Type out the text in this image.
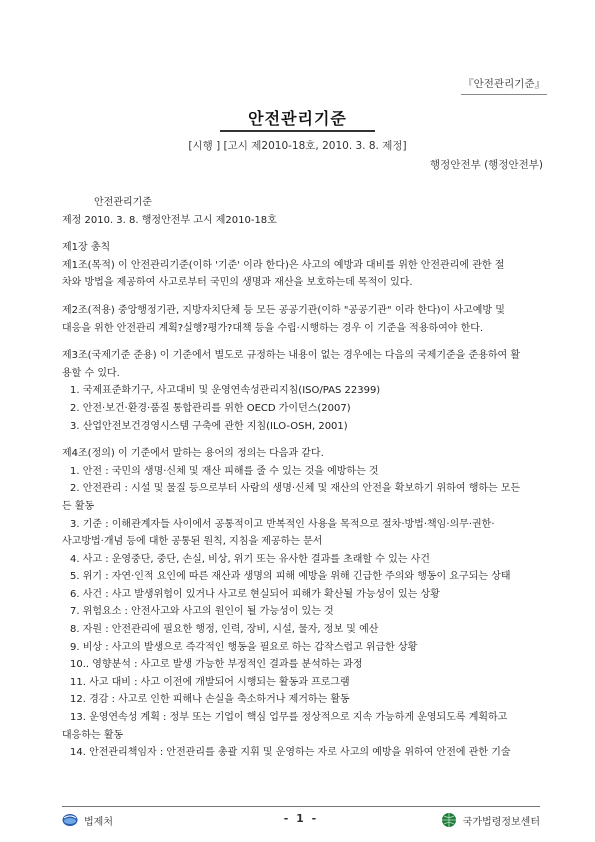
『안전관리기준』
안전관리기준
[시행 ] [고시 제2010-18호, 2010. 3. 8. 제정]
행정안전부 (행정안전부)

안전관리기준

제정 2010. 3. 8. 행정안전부 고시 제2010-18호

제1장 총칙

제1조(목적) 이 안전관리기준(이하 '기준' 이라 한다)은 사고의 예방과 대비를 위한 안전관리에 관한 절

차와 방법을 제공하여 사고로부터 국민의 생명과 재산을 보호하는데 목적이 있다.

제2조(적용) 중앙행정기관, 지방자치단체 등 모든 공공기관(이하 "공공기관" 이라 한다)이 사고예방 및

대응을 위한 안전관리 계획?실행?평가?대책 등을 수립·시행하는 경우 이 기준을 적용하여야 한다.

제3조(국제기준 준용) 이 기준에서 별도로 규정하는 내용이 없는 경우에는 다음의 국제기준을 준용하여 활

용할 수 있다.

1. 국제표준화기구, 사고대비 및 운영연속성관리지침(ISO/PAS 22399)

2. 안전·보건·환경·품질 통합관리를 위한 OECD 가이던스(2007)

3. 산업안전보건경영시스템 구축에 관한 지침(ILO-OSH, 2001)

제4조(정의) 이 기준에서 말하는 용어의 정의는 다음과 같다.

1. 안전 : 국민의 생명·신체 및 재산 피해를 줄 수 있는 것을 예방하는 것

2. 안전관리 : 시설 및 물질 등으로부터 사람의 생명·신체 및 재산의 안전을 확보하기 위하여 행하는 모든

든 활동

3. 기준 : 이해관계자들 사이에서 공통적이고 반복적인 사용을 목적으로 절차·방법·책임·의무·권한·

사고방법·개념 등에 대한 공통된 원칙, 지침을 제공하는 문서

4. 사고 : 운영중단, 중단, 손실, 비상, 위기 또는 유사한 결과를 초래할 수 있는 사건

5. 위기 : 자연·인적 요인에 따른 재산과 생명의 피해 예방을 위해 긴급한 주의와 행동이 요구되는 상태

6. 사건 : 사고 발생위험이 있거나 사고로 현실되어 피해가 확산될 가능성이 있는 상황

7. 위험요소 : 안전사고와 사고의 원인이 될 가능성이 있는 것

8. 자원 : 안전관리에 필요한 행정, 인력, 장비, 시설, 물자, 정보 및 예산

9. 비상 : 사고의 발생으로 즉각적인 행동을 필요로 하는 갑작스럽고 위급한 상황

10.. 영향분석 : 사고로 발생 가능한 부정적인 결과를 분석하는 과정

11. 사고 대비 : 사고 이전에 개발되어 시행되는 활동과 프로그램

12. 경감 : 사고로 인한 피해나 손실을 축소하거나 제거하는 활동

13. 운영연속성 계획 : 정부 또는 기업이 핵심 업무를 정상적으로 지속 가능하게 운영되도록 계획하고

대응하는 활동

14. 안전관리책임자 : 안전관리를 총괄 지휘 및 운영하는 자로 사고의 예방을 위하여 안전에 관한 기술

법제처	- 1 -	국가법령정보센터
